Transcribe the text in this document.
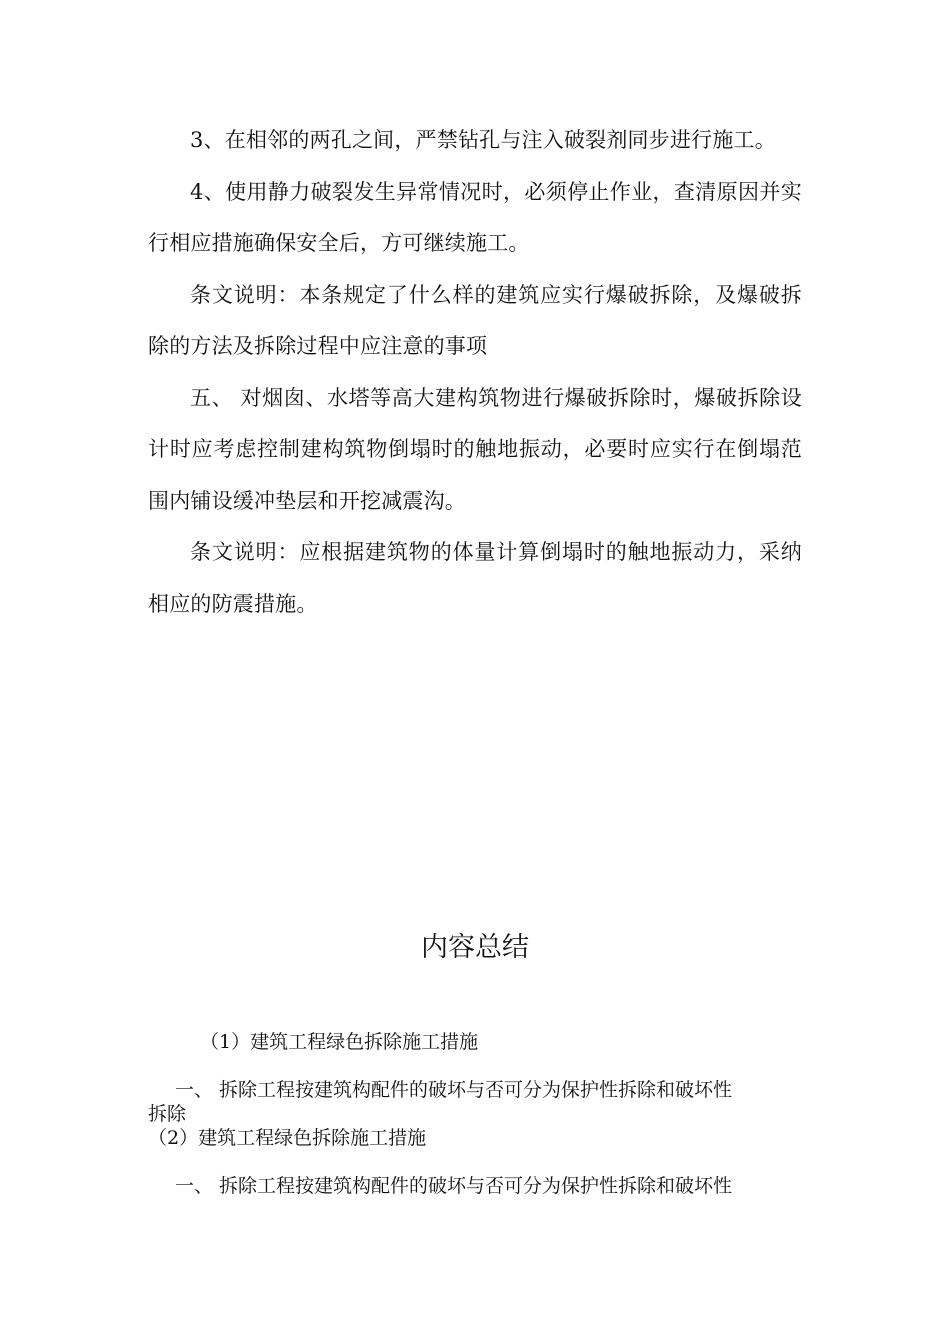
3、在相邻的两孔之间，严禁钻孔与注入破裂剂同步进行施工。

4、使用静力破裂发生异常情况时，必须停止作业，查清原因并实行相应措施确保安全后，方可继续施工。

条文说明：本条规定了什么样的建筑应实行爆破拆除，及爆破拆除的方法及拆除过程中应注意的事项

五、 对烟囱、水塔等高大建构筑物进行爆破拆除时，爆破拆除设计时应考虑控制建构筑物倒塌时的触地振动，必要时应实行在倒塌范围内铺设缓冲垫层和开挖减震沟。

条文说明：应根据建筑物的体量计算倒塌时的触地振动力，采纳相应的防震措施。

内容总结
（1）建筑工程绿色拆除施工措施
一、 拆除工程按建筑构配件的破坏与否可分为保护性拆除和破坏性
拆除
（2）建筑工程绿色拆除施工措施
一、 拆除工程按建筑构配件的破坏与否可分为保护性拆除和破坏性
